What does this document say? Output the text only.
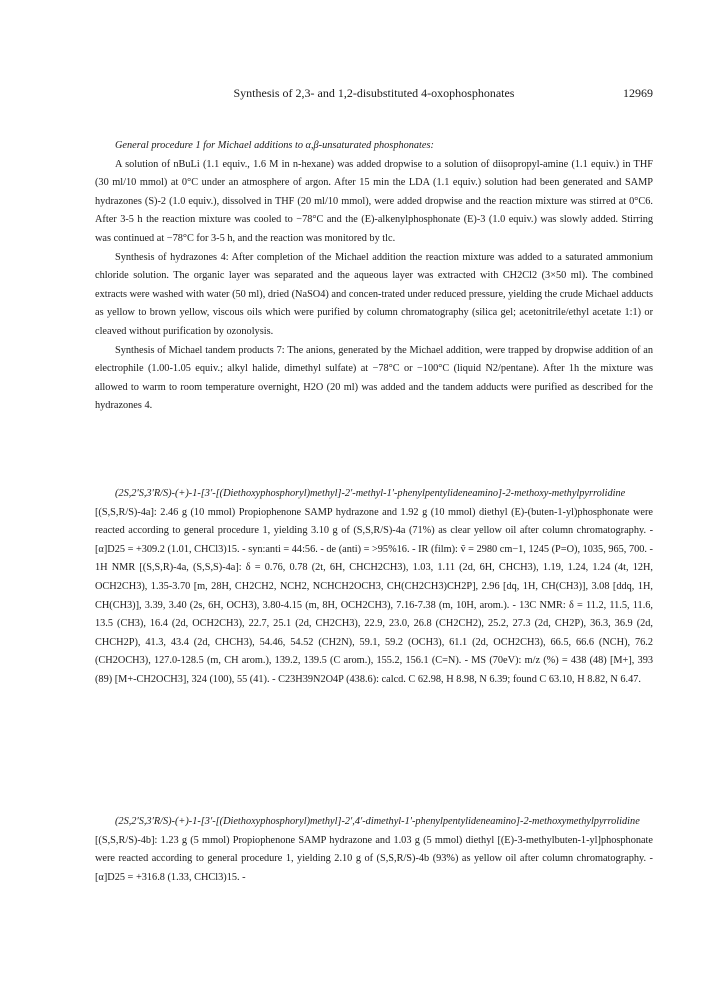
Synthesis of 2,3- and 1,2-disubstituted 4-oxophosphonates	12969

General procedure 1 for Michael additions to α,β-unsaturated phosphonates:

A solution of nBuLi (1.1 equiv., 1.6 M in n-hexane) was added dropwise to a solution of diisopropyl-amine (1.1 equiv.) in THF (30 ml/10 mmol) at 0°C under an atmosphere of argon. After 15 min the LDA (1.1 equiv.) solution had been generated and SAMP hydrazones (S)-2 (1.0 equiv.), dissolved in THF (20 ml/10 mmol), were added dropwise and the reaction mixture was stirred at 0°C6. After 3-5 h the reaction mixture was cooled to −78°C and the (E)-alkenylphosphonate (E)-3 (1.0 equiv.) was slowly added. Stirring was continued at −78°C for 3-5 h, and the reaction was monitored by tlc.

Synthesis of hydrazones 4: After completion of the Michael addition the reaction mixture was added to a saturated ammonium chloride solution. The organic layer was separated and the aqueous layer was extracted with CH2Cl2 (3×50 ml). The combined extracts were washed with water (50 ml), dried (NaSO4) and concen-trated under reduced pressure, yielding the crude Michael adducts as yellow to brown yellow, viscous oils which were purified by column chromatography (silica gel; acetonitrile/ethyl acetate 1:1) or cleaved without purification by ozonolysis.

Synthesis of Michael tandem products 7: The anions, generated by the Michael addition, were trapped by dropwise addition of an electrophile (1.00-1.05 equiv.; alkyl halide, dimethyl sulfate) at −78°C or −100°C (liquid N2/pentane). After 1h the mixture was allowed to warm to room temperature overnight, H2O (20 ml) was added and the tandem adducts were purified as described for the hydrazones 4.

(2S,2′S,3′R/S)-(+)-1-[3′-[(Diethoxyphosphoryl)methyl]-2′-methyl-1′-phenylpentylideneamino]-2-methoxy-methylpyrrolidine [(S,S,R/S)-4a]: 2.46 g (10 mmol) Propiophenone SAMP hydrazone and 1.92 g (10 mmol) diethyl (E)-(buten-1-yl)phosphonate were reacted according to general procedure 1, yielding 3.10 g of (S,S,R/S)-4a (71%) as clear yellow oil after column chromatography. - [α]D25 = +309.2 (1.01, CHCl3)15. - syn:anti = 44:56. - de (anti) = >95%16. - IR (film): ṽ = 2980 cm−1, 1245 (P=O), 1035, 965, 700. - 1H NMR [(S,S,R)-4a, (S,S,S)-4a]: δ = 0.76, 0.78 (2t, 6H, CHCH2CH3), 1.03, 1.11 (2d, 6H, CHCH3), 1.19, 1.24, 1.24 (4t, 12H, OCH2CH3), 1.35-3.70 [m, 28H, CH2CH2, NCH2, NCHCH2OCH3, CH(CH2CH3)CH2P], 2.96 [dq, 1H, CH(CH3)], 3.08 [ddq, 1H, CH(CH3)], 3.39, 3.40 (2s, 6H, OCH3), 3.80-4.15 (m, 8H, OCH2CH3), 7.16-7.38 (m, 10H, arom.). - 13C NMR: δ = 11.2, 11.5, 11.6, 13.5 (CH3), 16.4 (2d, OCH2CH3), 22.7, 25.1 (2d, CH2CH3), 22.9, 23.0, 26.8 (CH2CH2), 25.2, 27.3 (2d, CH2P), 36.3, 36.9 (2d, CHCH2P), 41.3, 43.4 (2d, CHCH3), 54.46, 54.52 (CH2N), 59.1, 59.2 (OCH3), 61.1 (2d, OCH2CH3), 66.5, 66.6 (NCH), 76.2 (CH2OCH3), 127.0-128.5 (m, CH arom.), 139.2, 139.5 (C arom.), 155.2, 156.1 (C=N). - MS (70eV): m/z (%) = 438 (48) [M+], 393 (89) [M+-CH2OCH3], 324 (100), 55 (41). - C23H39N2O4P (438.6): calcd. C 62.98, H 8.98, N 6.39; found C 63.10, H 8.82, N 6.47.

(2S,2′S,3′R/S)-(+)-1-[3′-[(Diethoxyphosphoryl)methyl]-2′,4′-dimethyl-1′-phenylpentylideneamino]-2-methoxymethylpyrrolidine [(S,S,R/S)-4b]: 1.23 g (5 mmol) Propiophenone SAMP hydrazone and 1.03 g (5 mmol) diethyl [(E)-3-methylbuten-1-yl]phosphonate were reacted according to general procedure 1, yielding 2.10 g of (S,S,R/S)-4b (93%) as yellow oil after column chromatography. - [α]D25 = +316.8 (1.33, CHCl3)15. -
